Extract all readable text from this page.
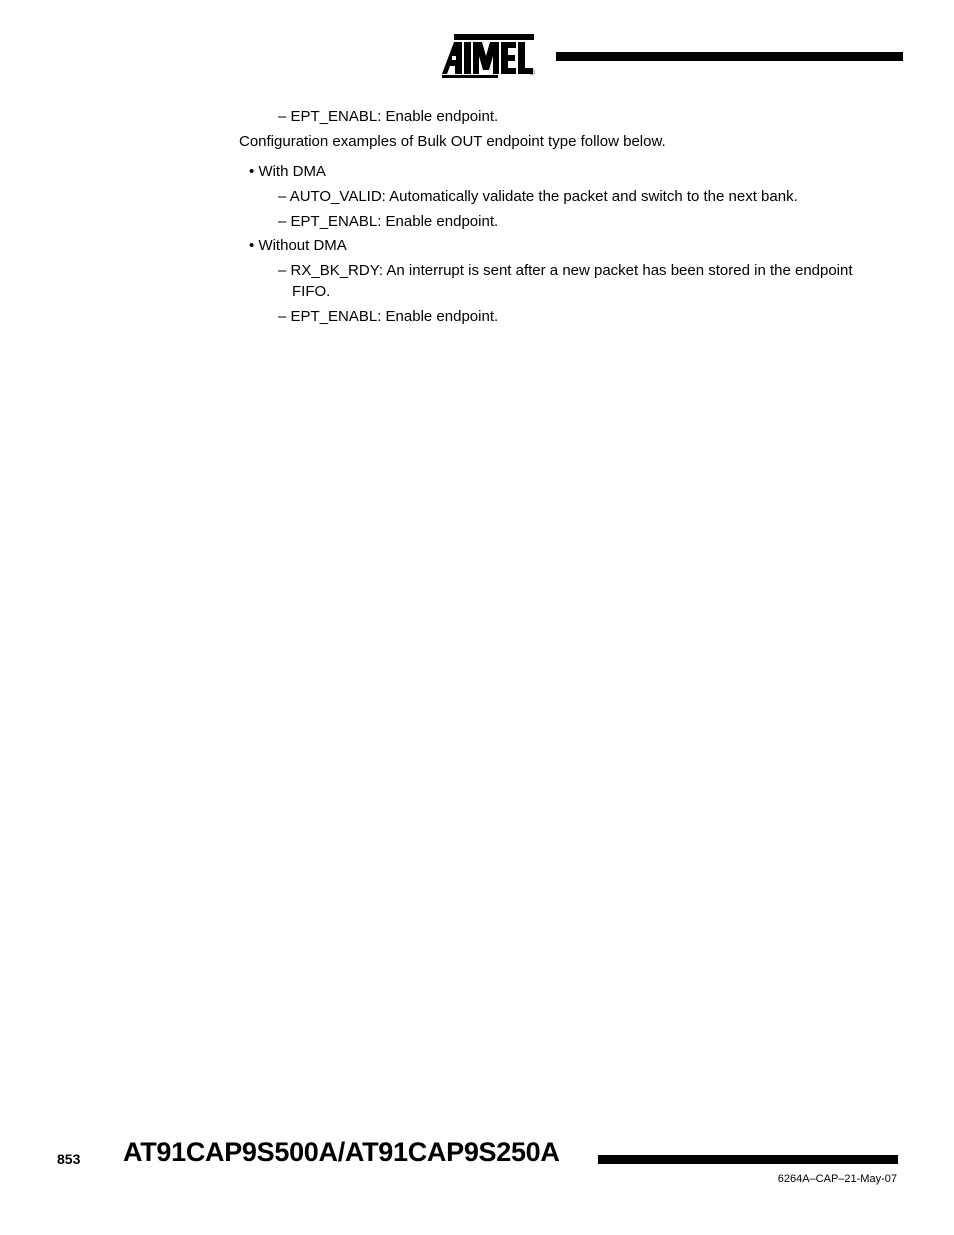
®
– EPT_ENABL: Enable endpoint.
Configuration examples of Bulk OUT endpoint type follow below.
• With DMA
– AUTO_VALID: Automatically validate the packet and switch to the next bank.
– EPT_ENABL: Enable endpoint.
• Without DMA
– RX_BK_RDY: An interrupt is sent after a new packet has been stored in the endpoint
FIFO.
– EPT_ENABL: Enable endpoint.
853 AT91CAP9S500A/AT91CAP9S250A
6264A–CAP–21-May-07
